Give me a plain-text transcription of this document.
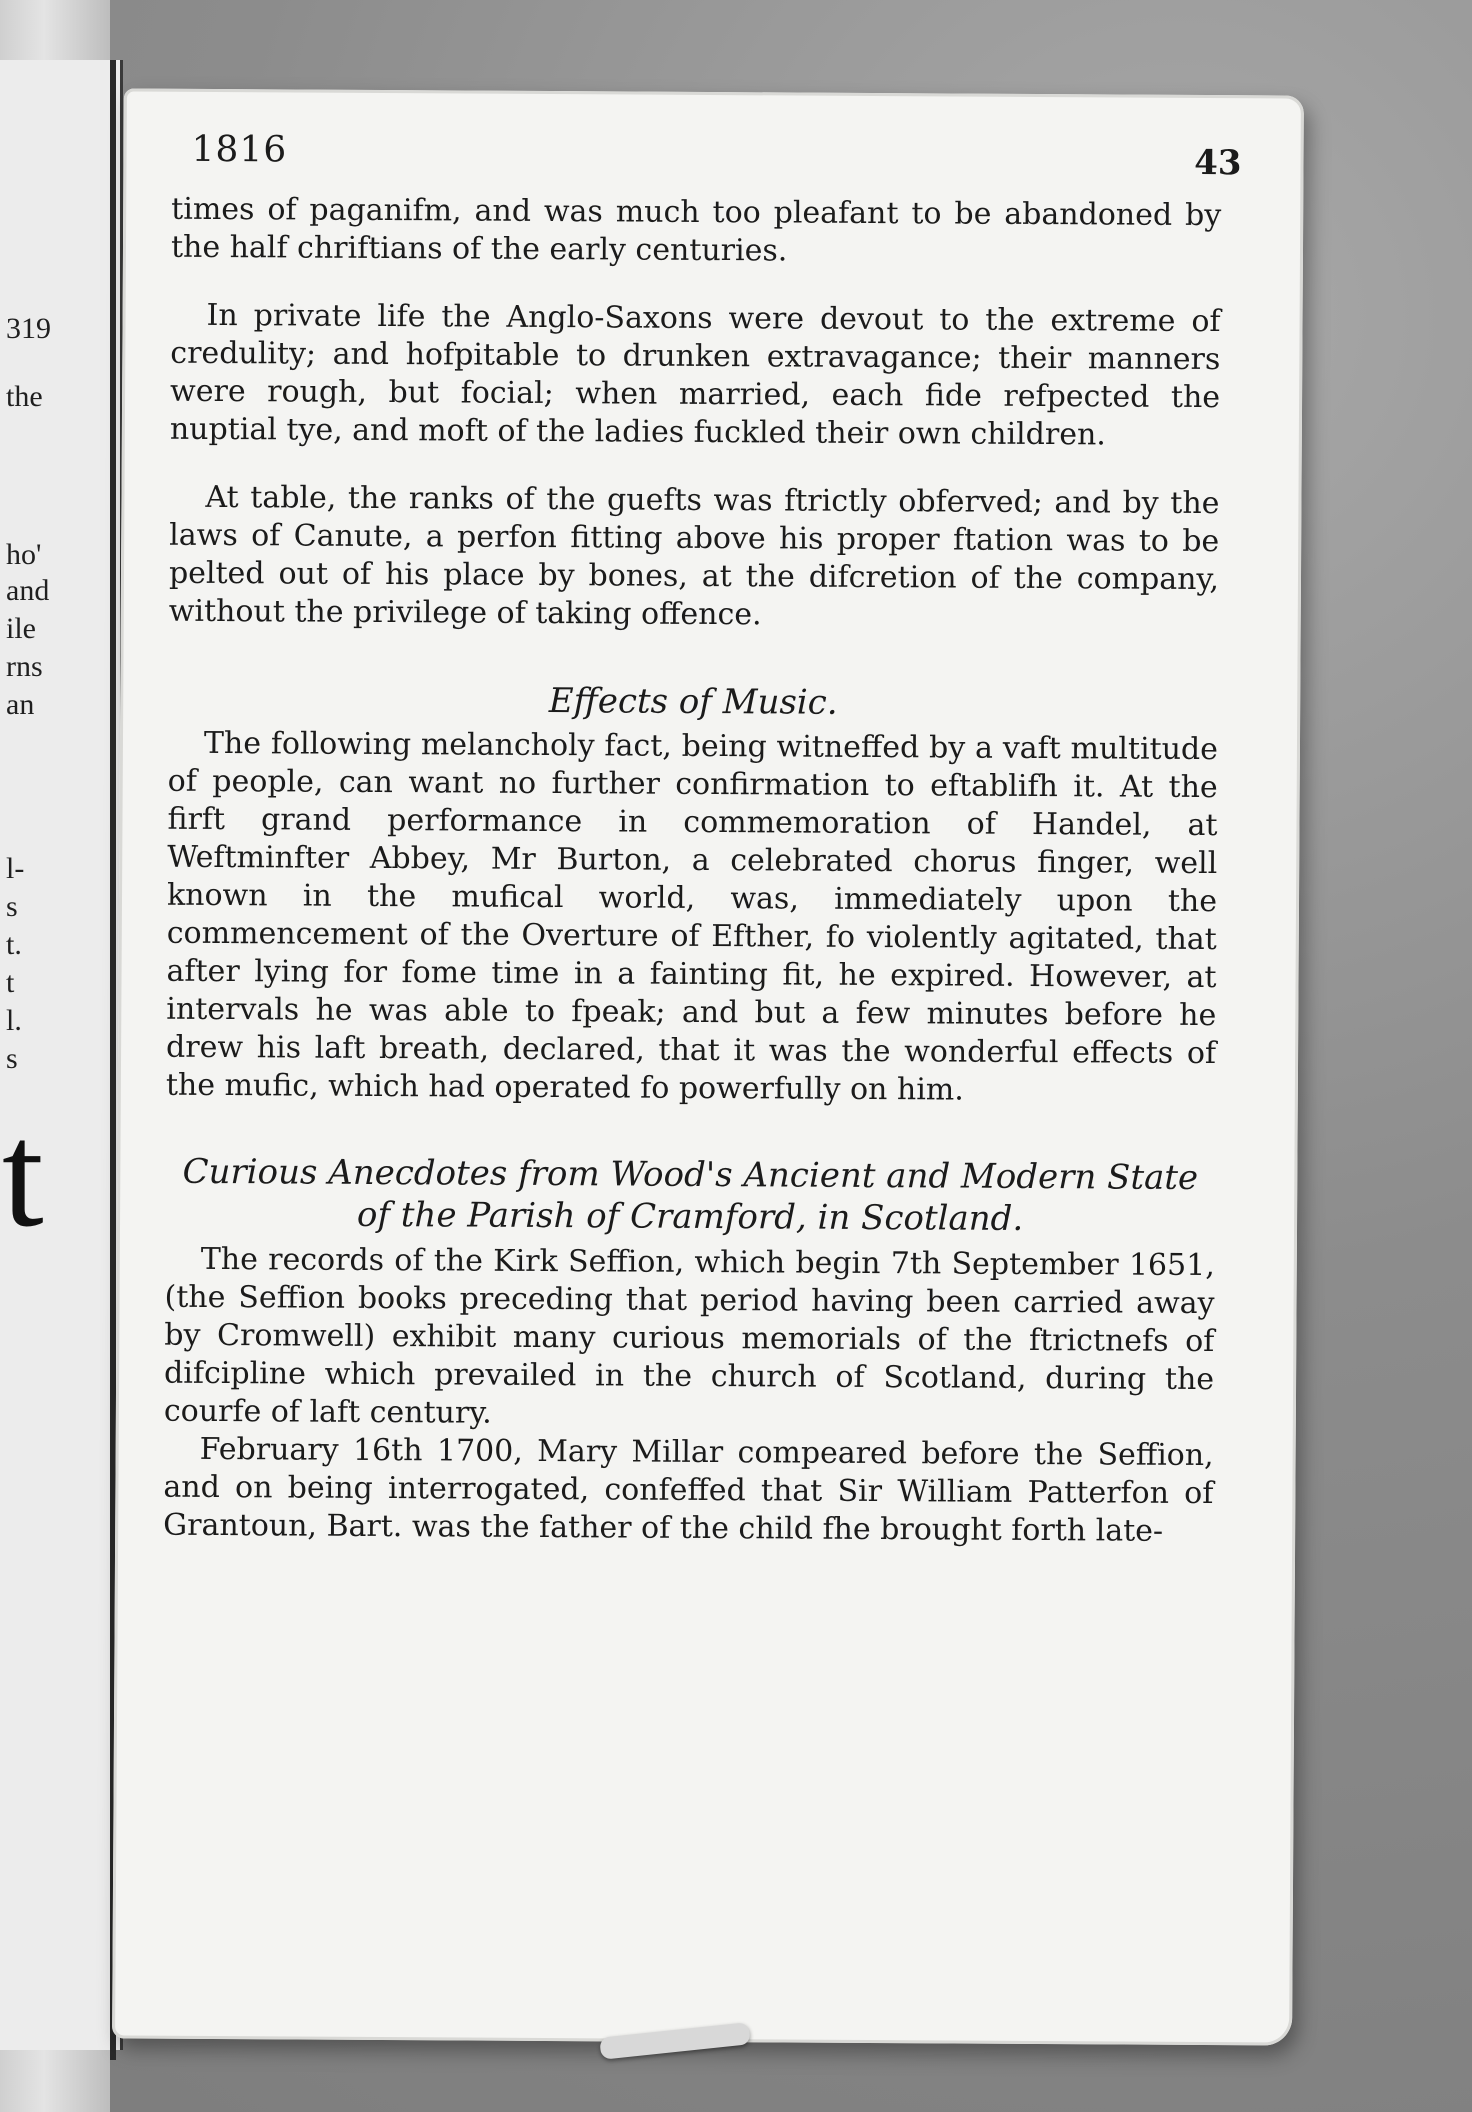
319
the
ho'
and
ile
rns
an
l-
s
t.
t
l.
s
t
1816	43

times of paganifm, and was much too pleafant to be abandoned by the half chriftians of the early centuries.

In private life the Anglo-Saxons were devout to the extreme of credulity; and hofpitable to drunken extravagance; their manners were rough, but focial; when married, each fide refpected the nuptial tye, and moft of the ladies fuckled their own children.

At table, the ranks of the guefts was ftrictly obferved; and by the laws of Canute, a perfon fitting above his proper ftation was to be pelted out of his place by bones, at the difcretion of the company, without the privilege of taking offence.

Effects of Music.

The following melancholy fact, being witneffed by a vaft multitude of people, can want no further confirmation to eftablifh it. At the firft grand performance in commemoration of Handel, at Weftminfter Abbey, Mr Burton, a celebrated chorus finger, well known in the mufical world, was, immediately upon the commencement of the Overture of Efther, fo violently agitated, that after lying for fome time in a fainting fit, he expired. However, at intervals he was able to fpeak; and but a few minutes before he drew his laft breath, declared, that it was the wonderful effects of the mufic, which had operated fo powerfully on him.

Curious Anecdotes from Wood's Ancient and Modern State of the Parish of Cramford, in Scotland.

The records of the Kirk Seffion, which begin 7th September 1651, (the Seffion books preceding that period having been carried away by Cromwell) exhibit many curious memorials of the ftrictnefs of difcipline which prevailed in the church of Scotland, during the courfe of laft century.

February 16th 1700, Mary Millar compeared before the Seffion, and on being interrogated, confeffed that Sir William Patterfon of Grantoun, Bart. was the father of the child fhe brought forth late-
